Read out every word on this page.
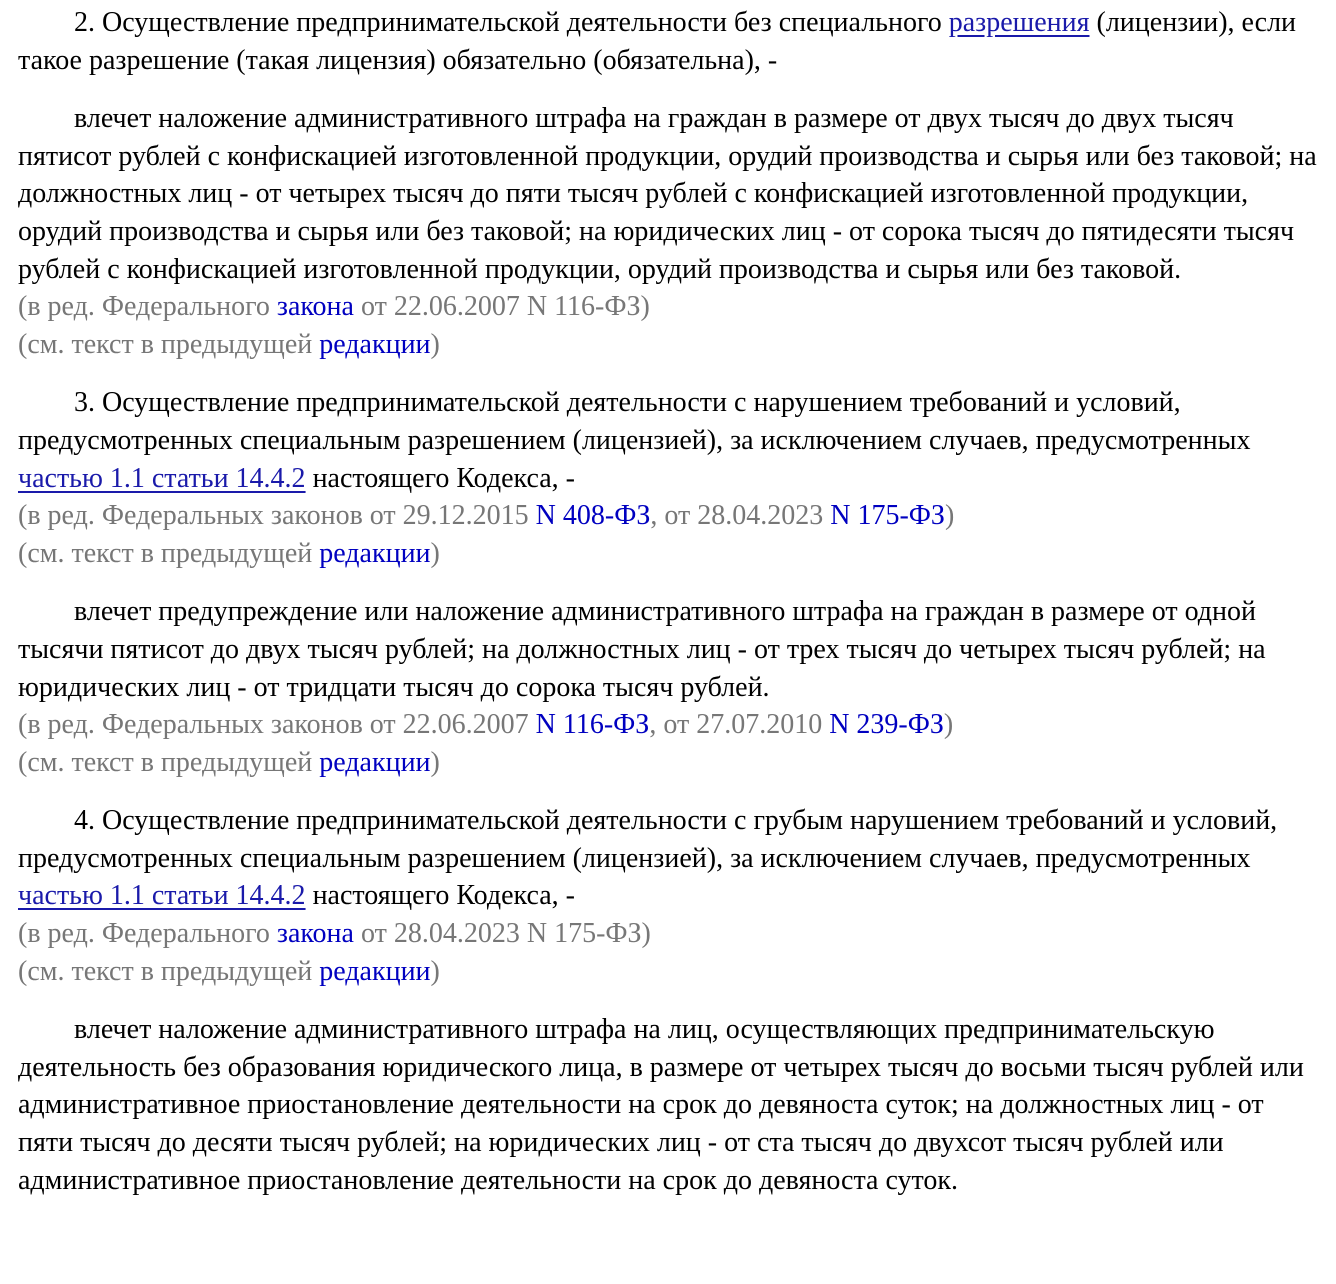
2. Осуществление предпринимательской деятельности без специального разрешения (лицензии), если такое разрешение (такая лицензия) обязательно (обязательна), -

влечет наложение административного штрафа на граждан в размере от двух тысяч до двух тысяч пятисот рублей с конфискацией изготовленной продукции, орудий производства и сырья или без таковой; на должностных лиц - от четырех тысяч до пяти тысяч рублей с конфискацией изготовленной продукции, орудий производства и сырья или без таковой; на юридических лиц - от сорока тысяч до пятидесяти тысяч рублей с конфискацией изготовленной продукции, орудий производства и сырья или без таковой.

(в ред. Федерального закона от 22.06.2007 N 116-ФЗ)

(см. текст в предыдущей редакции)

3. Осуществление предпринимательской деятельности с нарушением требований и условий, предусмотренных специальным разрешением (лицензией), за исключением случаев, предусмотренных частью 1.1 статьи 14.4.2 настоящего Кодекса, -

(в ред. Федеральных законов от 29.12.2015 N 408-ФЗ, от 28.04.2023 N 175-ФЗ)

(см. текст в предыдущей редакции)

влечет предупреждение или наложение административного штрафа на граждан в размере от одной тысячи пятисот до двух тысяч рублей; на должностных лиц - от трех тысяч до четырех тысяч рублей; на юридических лиц - от тридцати тысяч до сорока тысяч рублей.

(в ред. Федеральных законов от 22.06.2007 N 116-ФЗ, от 27.07.2010 N 239-ФЗ)

(см. текст в предыдущей редакции)

4. Осуществление предпринимательской деятельности с грубым нарушением требований и условий, предусмотренных специальным разрешением (лицензией), за исключением случаев, предусмотренных частью 1.1 статьи 14.4.2 настоящего Кодекса, -

(в ред. Федерального закона от 28.04.2023 N 175-ФЗ)

(см. текст в предыдущей редакции)

влечет наложение административного штрафа на лиц, осуществляющих предпринимательскую деятельность без образования юридического лица, в размере от четырех тысяч до восьми тысяч рублей или административное приостановление деятельности на срок до девяноста суток; на должностных лиц - от пяти тысяч до десяти тысяч рублей; на юридических лиц - от ста тысяч до двухсот тысяч рублей или административное приостановление деятельности на срок до девяноста суток.
